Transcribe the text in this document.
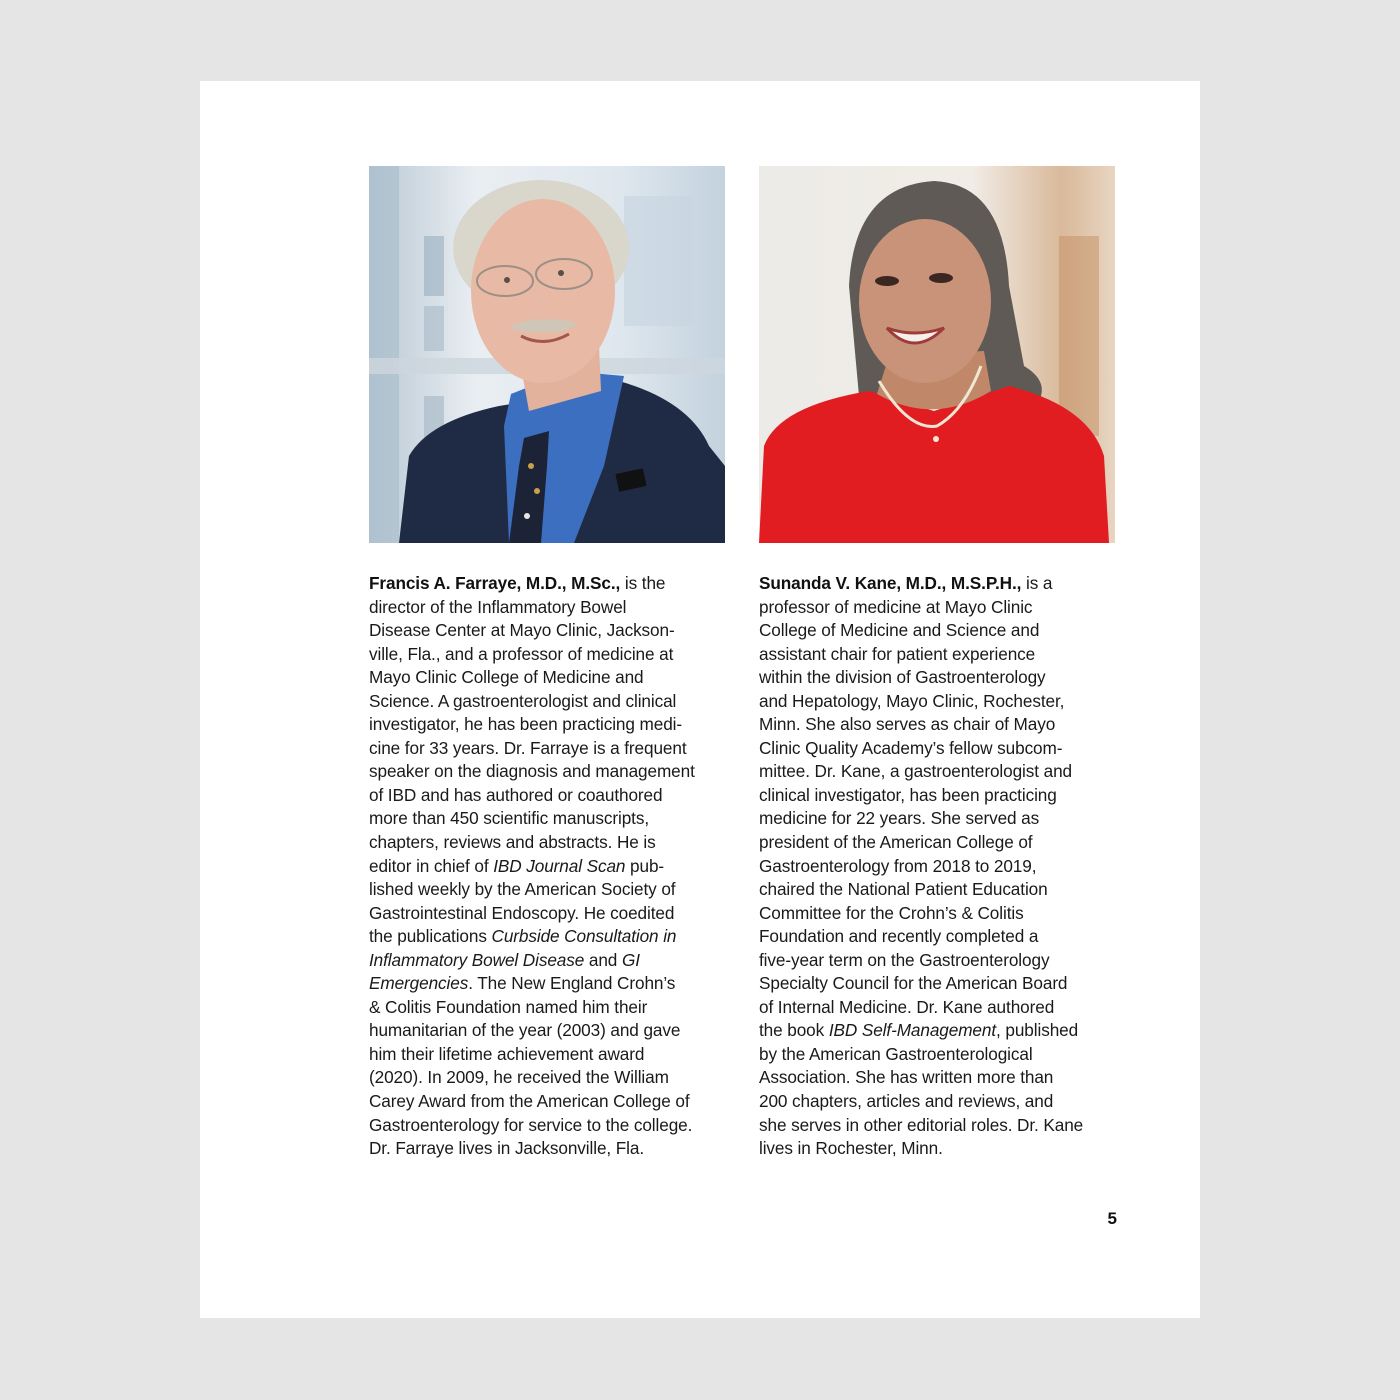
Francis A. Farraye, M.D., M.Sc., is the
director of the Inflammatory Bowel
Disease Center at Mayo Clinic, Jackson-
ville, Fla., and a professor of medicine at
Mayo Clinic College of Medicine and
Science. A gastroenterologist and clinical
investigator, he has been practicing medi-
cine for 33 years. Dr. Farraye is a frequent
speaker on the diagnosis and management
of IBD and has authored or coauthored
more than 450 scientific manuscripts,
chapters, reviews and abstracts. He is
editor in chief of IBD Journal Scan pub-
lished weekly by the American Society of
Gastrointestinal Endoscopy. He coedited
the publications Curbside Consultation in
Inflammatory Bowel Disease and GI
Emergencies. The New England Crohn’s
& Colitis Foundation named him their
humanitarian of the year (2003) and gave
him their lifetime achievement award
(2020). In 2009, he received the William
Carey Award from the American College of
Gastroenterology for service to the college.
Dr. Farraye lives in Jacksonville, Fla.
Sunanda V. Kane, M.D., M.S.P.H., is a
professor of medicine at Mayo Clinic
College of Medicine and Science and
assistant chair for patient experience
within the division of Gastroenterology
and Hepatology, Mayo Clinic, Rochester,
Minn. She also serves as chair of Mayo
Clinic Quality Academy’s fellow subcom-
mittee. Dr. Kane, a gastroenterologist and
clinical investigator, has been practicing
medicine for 22 years. She served as
president of the American College of
Gastroenterology from 2018 to 2019,
chaired the National Patient Education
Committee for the Crohn’s & Colitis
Foundation and recently completed a
five-year term on the Gastroenterology
Specialty Council for the American Board
of Internal Medicine. Dr. Kane authored
the book IBD Self-Management, published
by the American Gastroenterological
Association. She has written more than
200 chapters, articles and reviews, and
she serves in other editorial roles. Dr. Kane
lives in Rochester, Minn.
5
